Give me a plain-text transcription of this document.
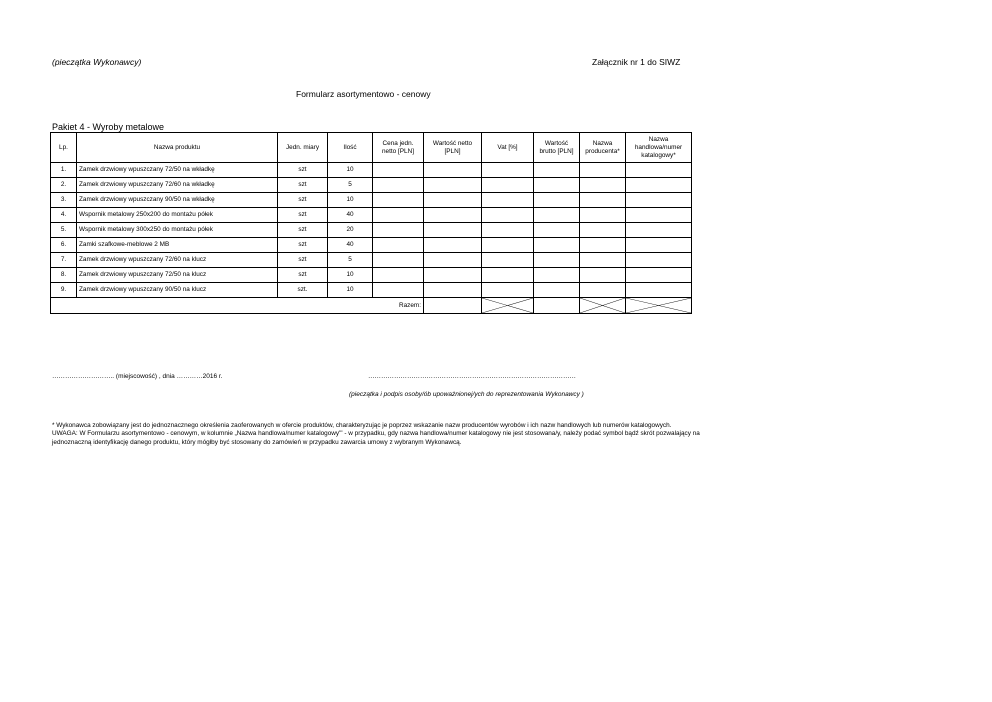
(pieczątka Wykonawcy)	Załącznik nr 1 do SIWZ
Formularz asortymentowo - cenowy
Pakiet 4 - Wyroby metalowe
Lp.	Nazwa produktu	Jedn. miary	Ilość	Cena jedn. netto [PLN]	Wartość netto [PLN]	Vat [%]	Wartość brutto [PLN]	Nazwa producenta*	Nazwa handlowa/numer katalogowy*
1.	Zamek drzwiowy wpuszczany 72/50 na wkładkę	szt	10						
2.	Zamek drzwiowy wpuszczany 72/60 na wkładkę	szt	5						
3.	Zamek drzwiowy wpuszczany 90/50 na wkładkę	szt	10						
4.	Wspornik metalowy 250x200 do montażu półek	szt	40						
5.	Wspornik metalowy 300x250 do montażu półek	szt	20						
6.	Zamki szafkowe-meblowe 2 MB	szt	40						
7.	Zamek drzwiowy wpuszczany 72/60 na klucz	szt	5						
8.	Zamek drzwiowy wpuszczany 72/50 na klucz	szt	10						
9.	Zamek drzwiowy wpuszczany 90/50 na klucz	szt.	10						
Razem:		

……………………….. (miejscowość) , dnia …………2016 r.	……………………………………………………………………………………
(pieczątka i podpis osoby/ób upoważnionej/ych do reprezentowania Wykonawcy )
* Wykonawca zobowiązany jest do jednoznacznego określenia zaoferowanych w ofercie produktów, charakteryzując je poprzez wskazanie nazw producentów wyrobów i ich nazw handlowych lub numerów katalogowych.
UWAGA: W Formularzu asortymentowo - cenowym, w kolumnie „Nazwa handlowa/numer katalogowy"' - w przypadku, gdy nazwa handlowa/numer katalogowy nie jest stosowana/y, należy podać symbol bądź skrót pozwalający na jednoznaczną identyfikację danego produktu, który mógłby być stosowany do zamówień w przypadku zawarcia umowy z wybranym Wykonawcą.
